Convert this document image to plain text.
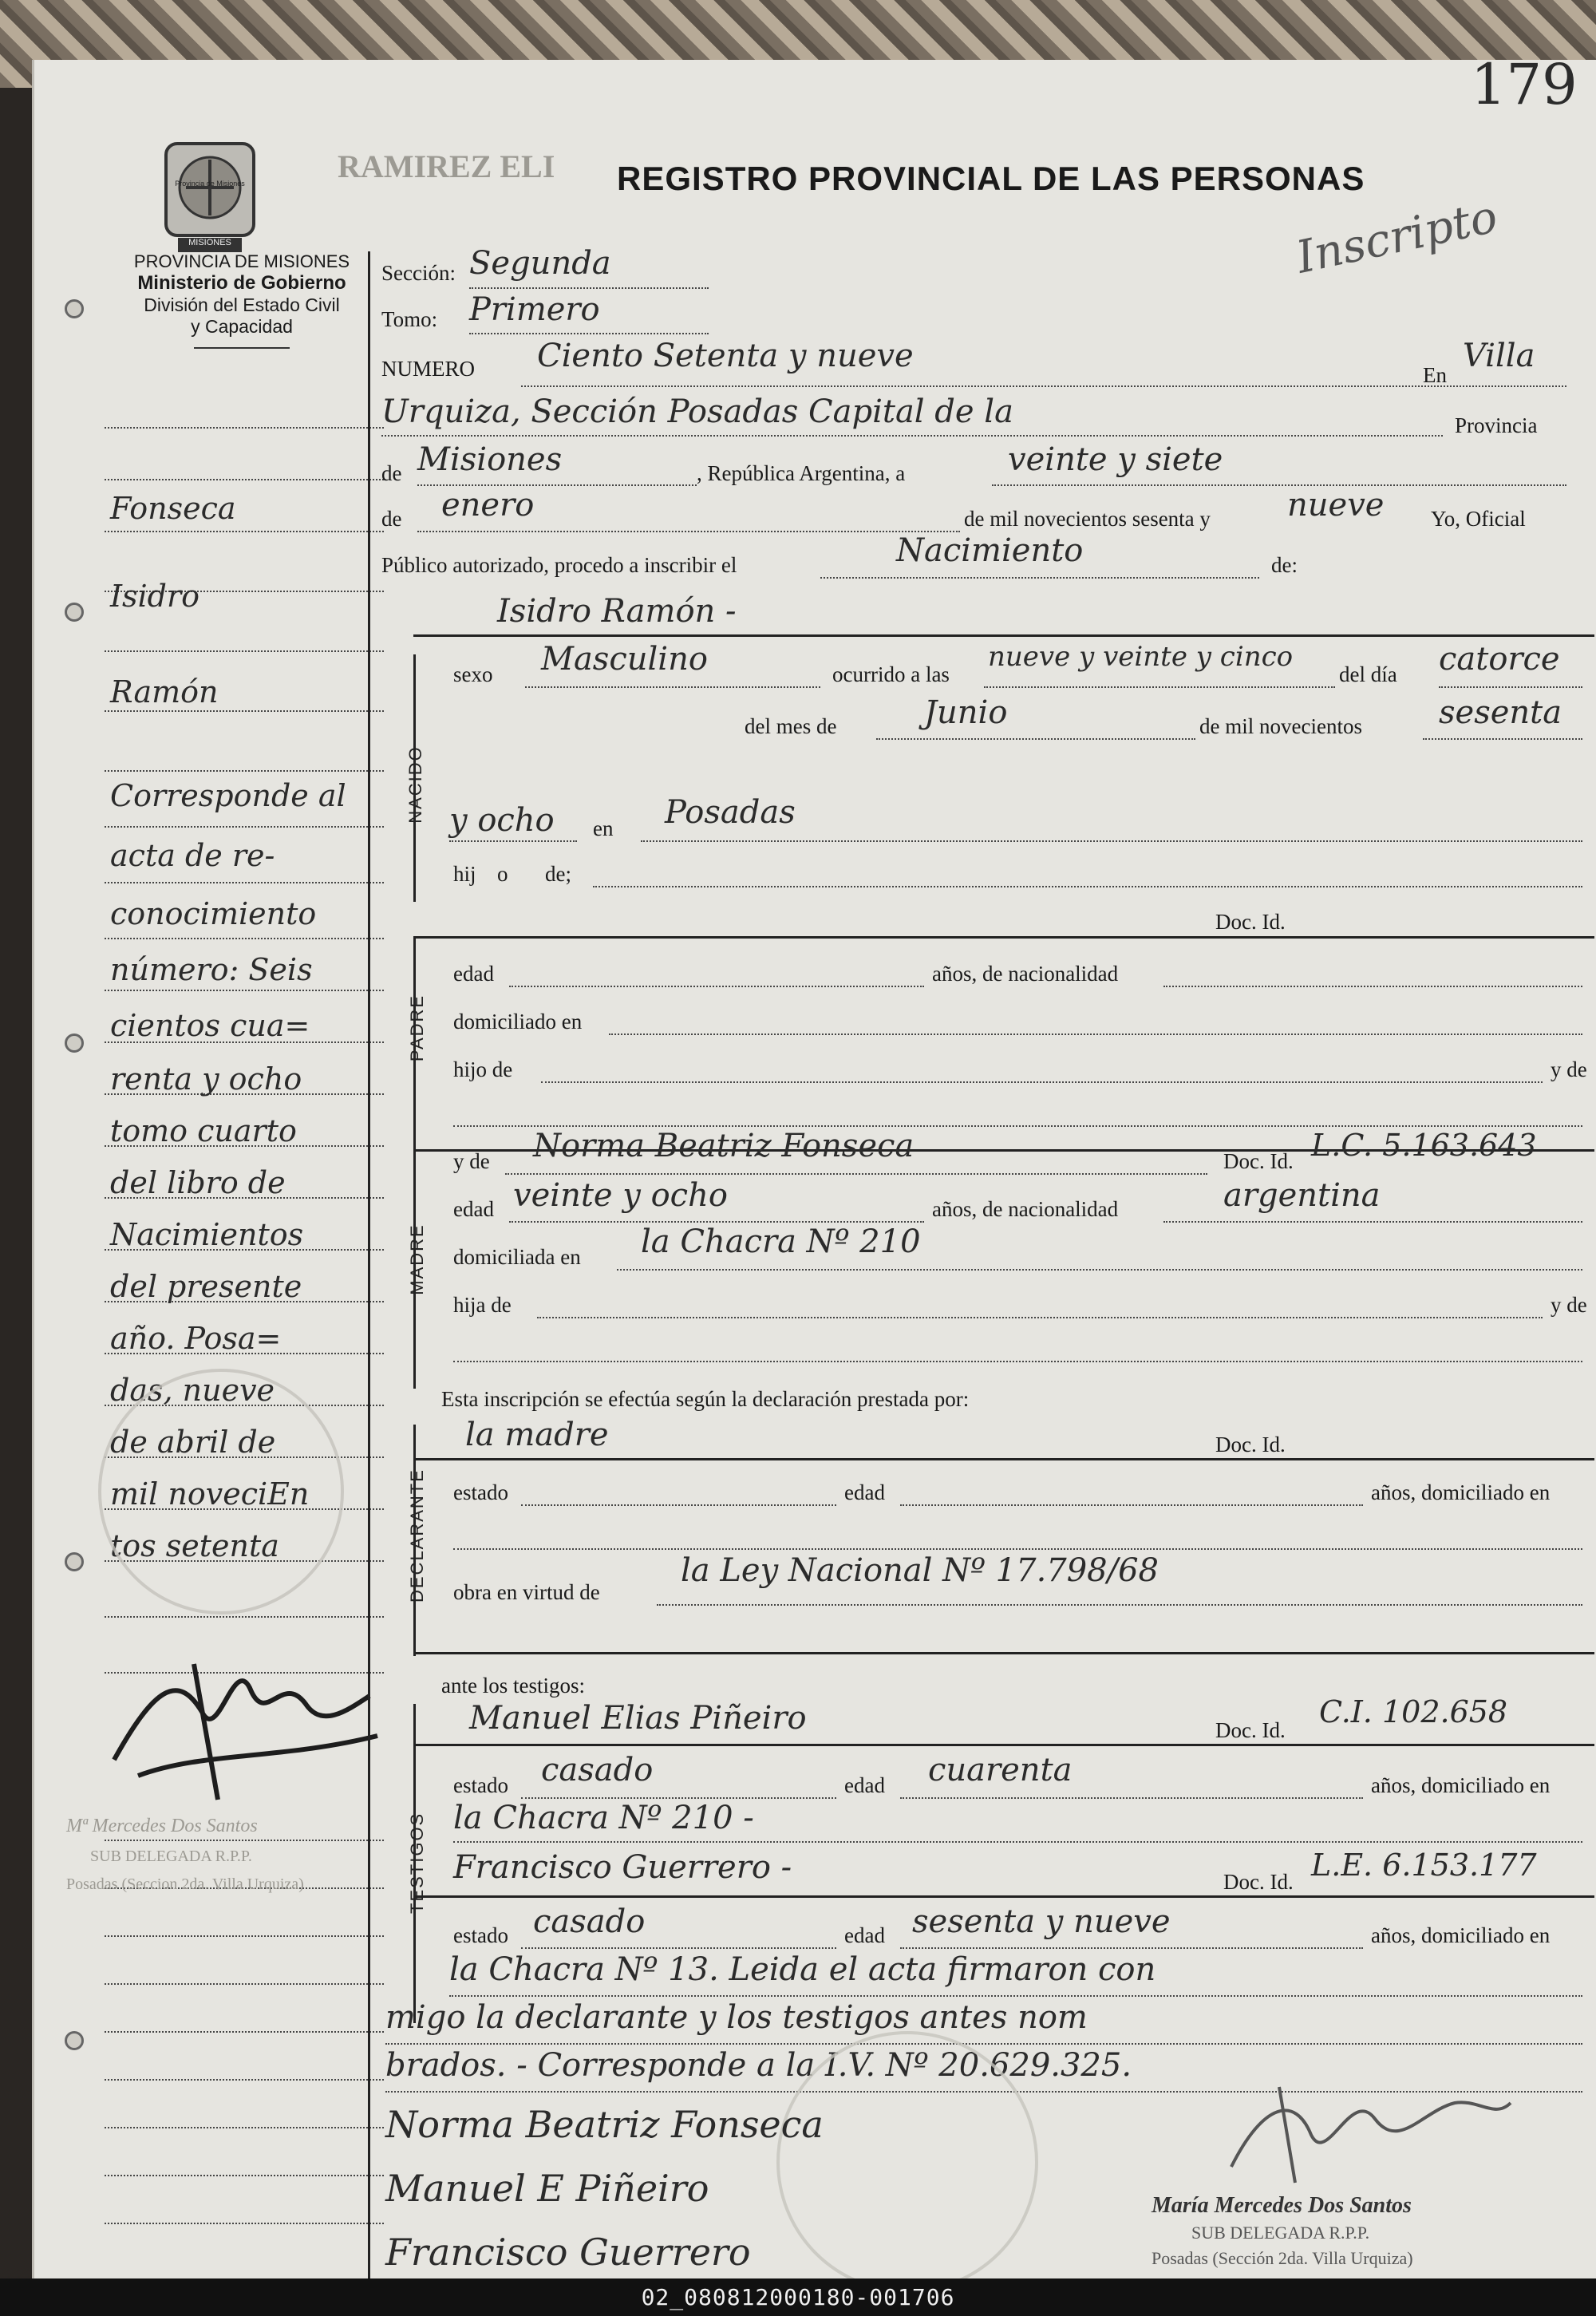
179
RAMIREZ ELI REGISTRO PROVINCIAL DE LAS PERSONAS
Inscripto
MISIONES
Provincia de Misiones
PROVINCIA DE MISIONES
Ministerio de Gobierno
División del Estado Civil
y Capacidad
Fonseca
Isidro
Ramón
Corresponde al
acta de re-
conocimiento
número: Seis
cientos cua=
renta y ocho
tomo cuarto
del libro de
Nacimientos
del presente
año. Posa=
das, nueve
de abril de
mil noveciEn
tos setenta
Mª Mercedes Dos Santos
SUB DELEGADA R.P.P.
Posadas (Seccion 2da. Villa Urquiza)
Sección: Segunda
Tomo: Primero
NUMERO Ciento Setenta y nueve
En
Villa
Urquiza, Sección Posadas Capital de la	Provincia
de Misiones	, República Argentina, a	veinte y siete
de enero	de mil novecientos sesenta y nueve Yo, Oficial
Público autorizado, procedo a inscribir el	Nacimiento	de:
NACIDO
Isidro Ramón -
sexo Masculino	ocurrido a las
nueve y veinte y cinco
del día catorce
del mes de	Junio	de mil novecientos sesenta
y ocho en Posadas
hij o de;
Doc. Id.
PADRE
edad	años, de nacionalidad
domiciliado en
hijo de	y de
MADRE
y de Norma Beatriz Fonseca	Doc. Id. L.C. 5.163.643
edad veinte y ocho	años, de nacionalidad	argentina
domiciliada en la Chacra Nº 210
hija de	y de
Esta inscripción se efectúa según la declaración prestada por:
DECLARANTE
la madre	Doc. Id.
estado	edad	años, domiciliado en
obra en virtud de
la Ley Nacional Nº 17.798/68
ante los testigos:
TESTIGOS
Manuel Elias Piñeiro	Doc. Id.
C.I. 102.658
estado casado	edad cuarenta	años, domiciliado en
la Chacra Nº 210 -
Francisco Guerrero -	Doc. Id. L.E. 6.153.177
estado casado	edad sesenta y nueve	años, domiciliado en
la Chacra Nº 13. Leida el acta firmaron con
migo la declarante y los testigos antes nom
brados. - Corresponde a la I.V. Nº 20.629.325.
Norma Beatriz Fonseca
Manuel E Piñeiro
Francisco Guerrero
María Mercedes Dos Santos
SUB DELEGADA R.P.P.
Posadas (Sección 2da. Villa Urquiza)
02_080812000180-001706
